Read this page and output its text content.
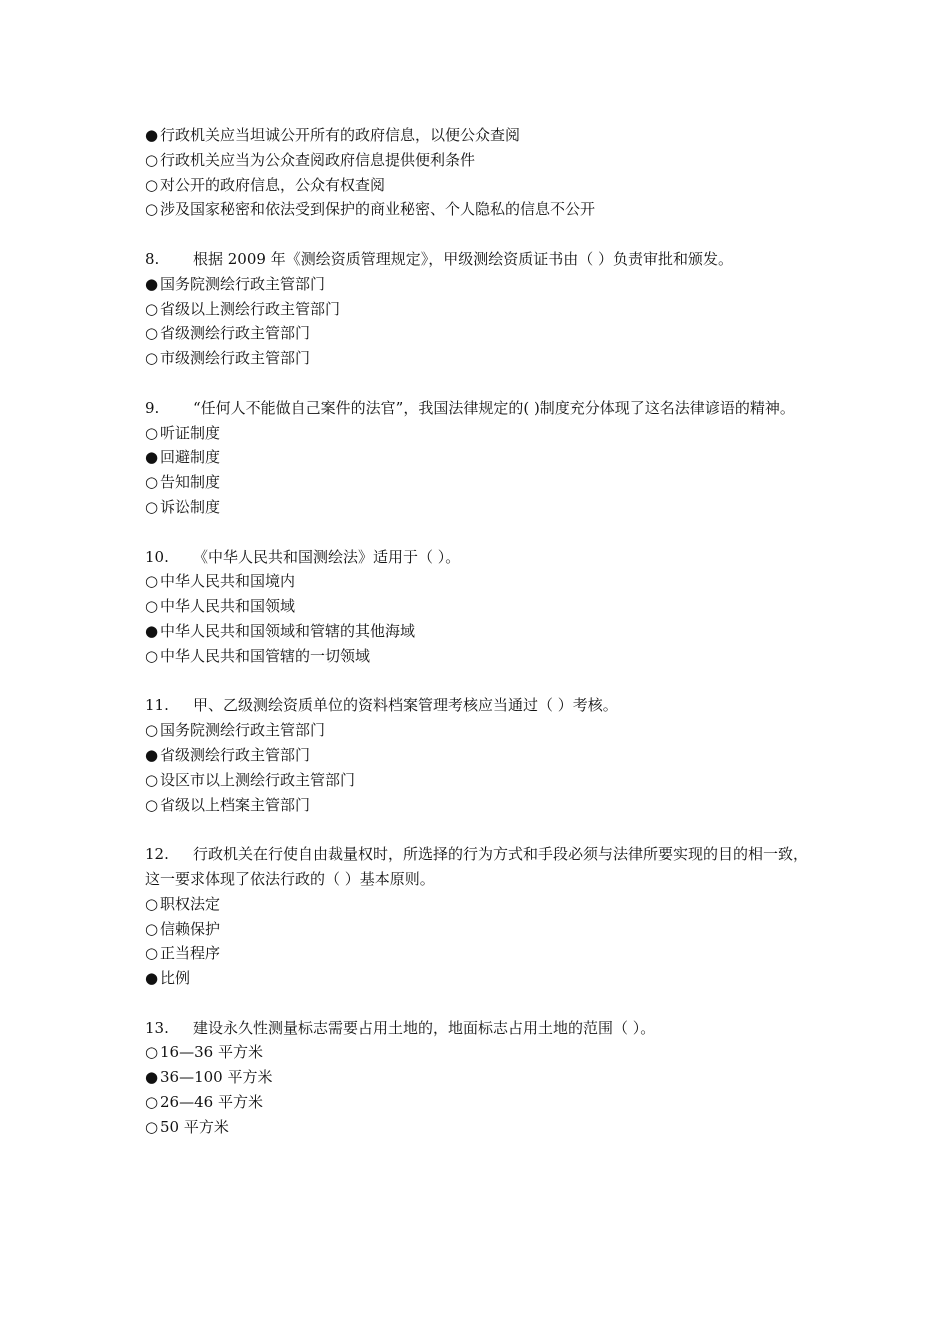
● 行政机关应当坦诚公开所有的政府信息，以便公众查阅
○ 行政机关应当为公众查阅政府信息提供便利条件
○ 对公开的政府信息，公众有权查阅
○ 涉及国家秘密和依法受到保护的商业秘密、个人隐私的信息不公开
8. 根据 2009 年《测绘资质管理规定》，甲级测绘资质证书由（ ）负责审批和颁发。
● 国务院测绘行政主管部门
○ 省级以上测绘行政主管部门
○ 省级测绘行政主管部门
○ 市级测绘行政主管部门
9. “任何人不能做自己案件的法官”，我国法律规定的( )制度充分体现了这名法律谚语的精神。
○ 听证制度
● 回避制度
○ 告知制度
○ 诉讼制度
10. 《中华人民共和国测绘法》适用于（ ）。
○ 中华人民共和国境内
○ 中华人民共和国领域
● 中华人民共和国领域和管辖的其他海域
○ 中华人民共和国管辖的一切领域
11. 甲、乙级测绘资质单位的资料档案管理考核应当通过（ ）考核。
○ 国务院测绘行政主管部门
● 省级测绘行政主管部门
○ 设区市以上测绘行政主管部门
○ 省级以上档案主管部门
12. 行政机关在行使自由裁量权时，所选择的行为方式和手段必须与法律所要实现的目的相一致，这一要求体现了依法行政的（ ）基本原则。
○ 职权法定
○ 信赖保护
○ 正当程序
● 比例
13. 建设永久性测量标志需要占用土地的，地面标志占用土地的范围（ ）。
○ 16—36 平方米
● 36—100 平方米
○ 26—46 平方米
○ 50 平方米
